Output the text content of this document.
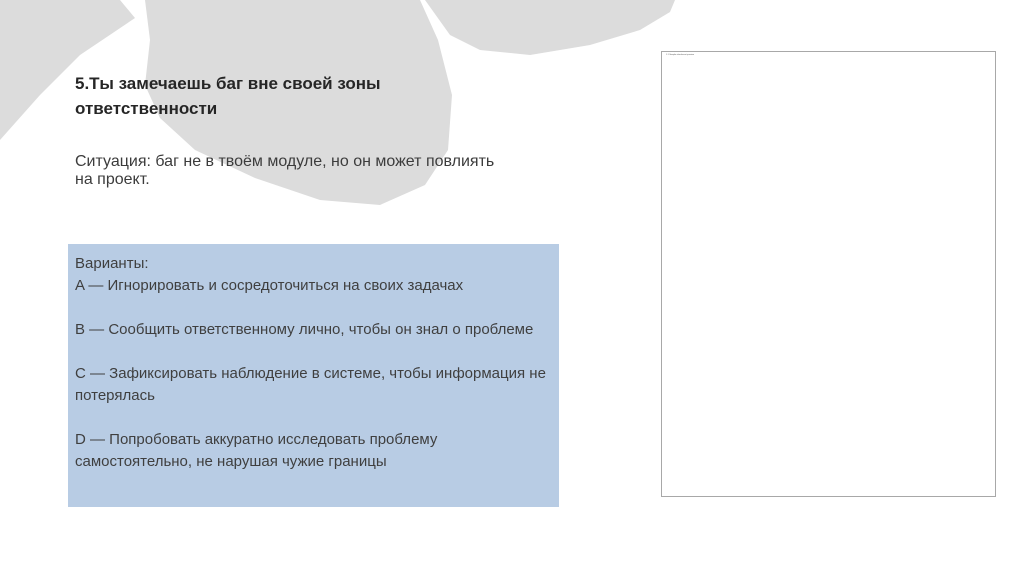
5.Ты замечаешь баг вне своей зоны ответственности

Ситуация: баг не в твоём модуле, но он может повлиять на проект.

Варианты:

A — Игнорировать и сосредоточиться на своих задачах

B — Сообщить ответственному лично, чтобы он знал о проблеме

C — Зафиксировать наблюдение в системе, чтобы информация не потерялась

D — Попробовать аккуратно исследовать проблему самостоятельно, не нарушая чужие границы

1.1 Sample attachment preview
